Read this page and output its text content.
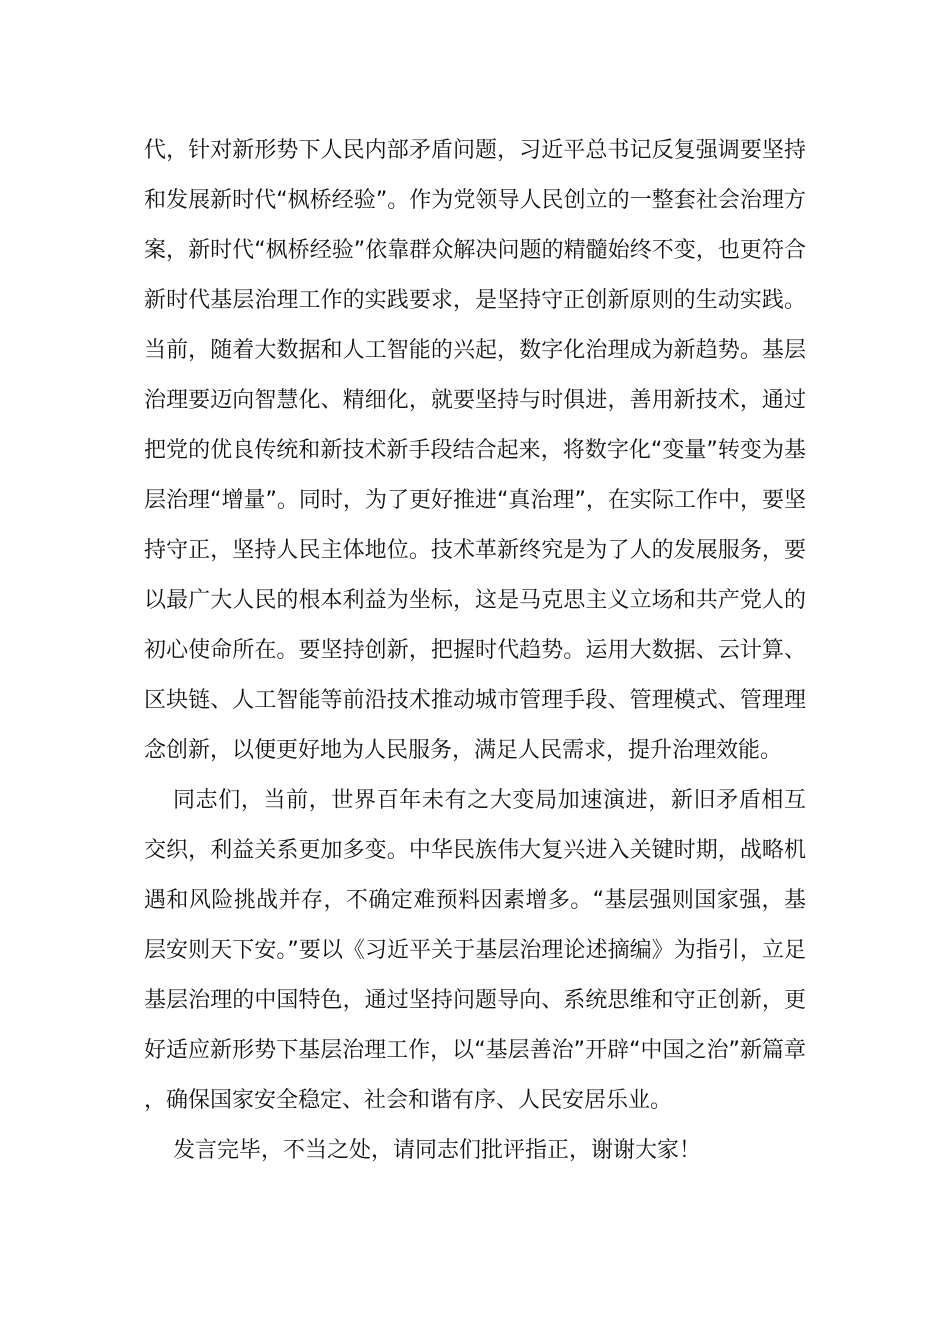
代，针对新形势下人民内部矛盾问题，习近平总书记反复强调要坚持和发展新时代“枫桥经验”。作为党领导人民创立的一整套社会治理方案，新时代“枫桥经验”依靠群众解决问题的精髓始终不变，也更符合新时代基层治理工作的实践要求，是坚持守正创新原则的生动实践。当前，随着大数据和人工智能的兴起，数字化治理成为新趋势。基层治理要迈向智慧化、精细化，就要坚持与时俱进，善用新技术，通过把党的优良传统和新技术新手段结合起来，将数字化“变量”转变为基层治理“增量”。同时，为了更好推进“真治理”，在实际工作中，要坚持守正，坚持人民主体地位。技术革新终究是为了人的发展服务，要以最广大人民的根本利益为坐标，这是马克思主义立场和共产党人的初心使命所在。要坚持创新，把握时代趋势。运用大数据、云计算、区块链、人工智能等前沿技术推动城市管理手段、管理模式、管理理念创新，以便更好地为人民服务，满足人民需求，提升治理效能。

同志们，当前，世界百年未有之大变局加速演进，新旧矛盾相互交织，利益关系更加多变。中华民族伟大复兴进入关键时期，战略机遇和风险挑战并存，不确定难预料因素增多。“基层强则国家强，基层安则天下安。”要以《习近平关于基层治理论述摘编》为指引，立足基层治理的中国特色，通过坚持问题导向、系统思维和守正创新，更好适应新形势下基层治理工作，以“基层善治”开辟“中国之治”新篇章，确保国家安全稳定、社会和谐有序、人民安居乐业。

发言完毕，不当之处，请同志们批评指正，谢谢大家！
